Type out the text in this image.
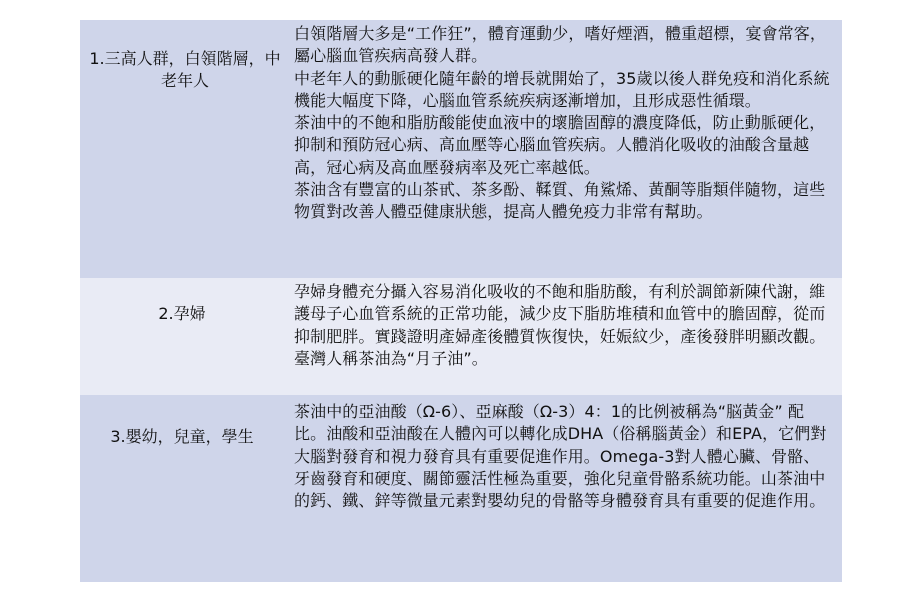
1.三高人群，白領階層，中老年人

白領階層大多是“工作狂”，體育運動少，嗜好煙酒，體重超標，宴會常客，屬心腦血管疾病高發人群。

中老年人的動脈硬化隨年齡的增長就開始了，35歲以後人群免疫和消化系統機能大幅度下降，心腦血管系統疾病逐漸增加，且形成惡性循環。

茶油中的不飽和脂肪酸能使血液中的壞膽固醇的濃度降低，防止動脈硬化，抑制和預防冠心病、高血壓等心腦血管疾病。人體消化吸收的油酸含量越高，冠心病及高血壓發病率及死亡率越低。

茶油含有豐富的山茶甙、茶多酚、鞣質、角鯊烯、黃酮等脂類伴隨物，這些物質對改善人體亞健康狀態，提高人體免疫力非常有幫助。

2.孕婦

孕婦身體充分攝入容易消化吸收的不飽和脂肪酸，有利於調節新陳代謝，維護母子心血管系統的正常功能，減少皮下脂肪堆積和血管中的膽固醇，從而抑制肥胖。實踐證明產婦產後體質恢復快，妊娠紋少，產後發胖明顯改觀。臺灣人稱茶油為“月子油”。

3.嬰幼，兒童，學生

茶油中的亞油酸（Ω-6）、亞麻酸（Ω-3）4：1的比例被稱為“脳黃金” 配比。油酸和亞油酸在人體內可以轉化成DHA（俗稱腦黃金）和EPA，它們對大腦對發育和視力發育具有重要促進作用。Omega-3對人體心臟、骨骼、牙齒發育和硬度、關節靈活性極為重要，強化兒童骨骼系統功能。山茶油中的鈣、鐵、鋅等微量元素對嬰幼兒的骨骼等身體發育具有重要的促進作用。
